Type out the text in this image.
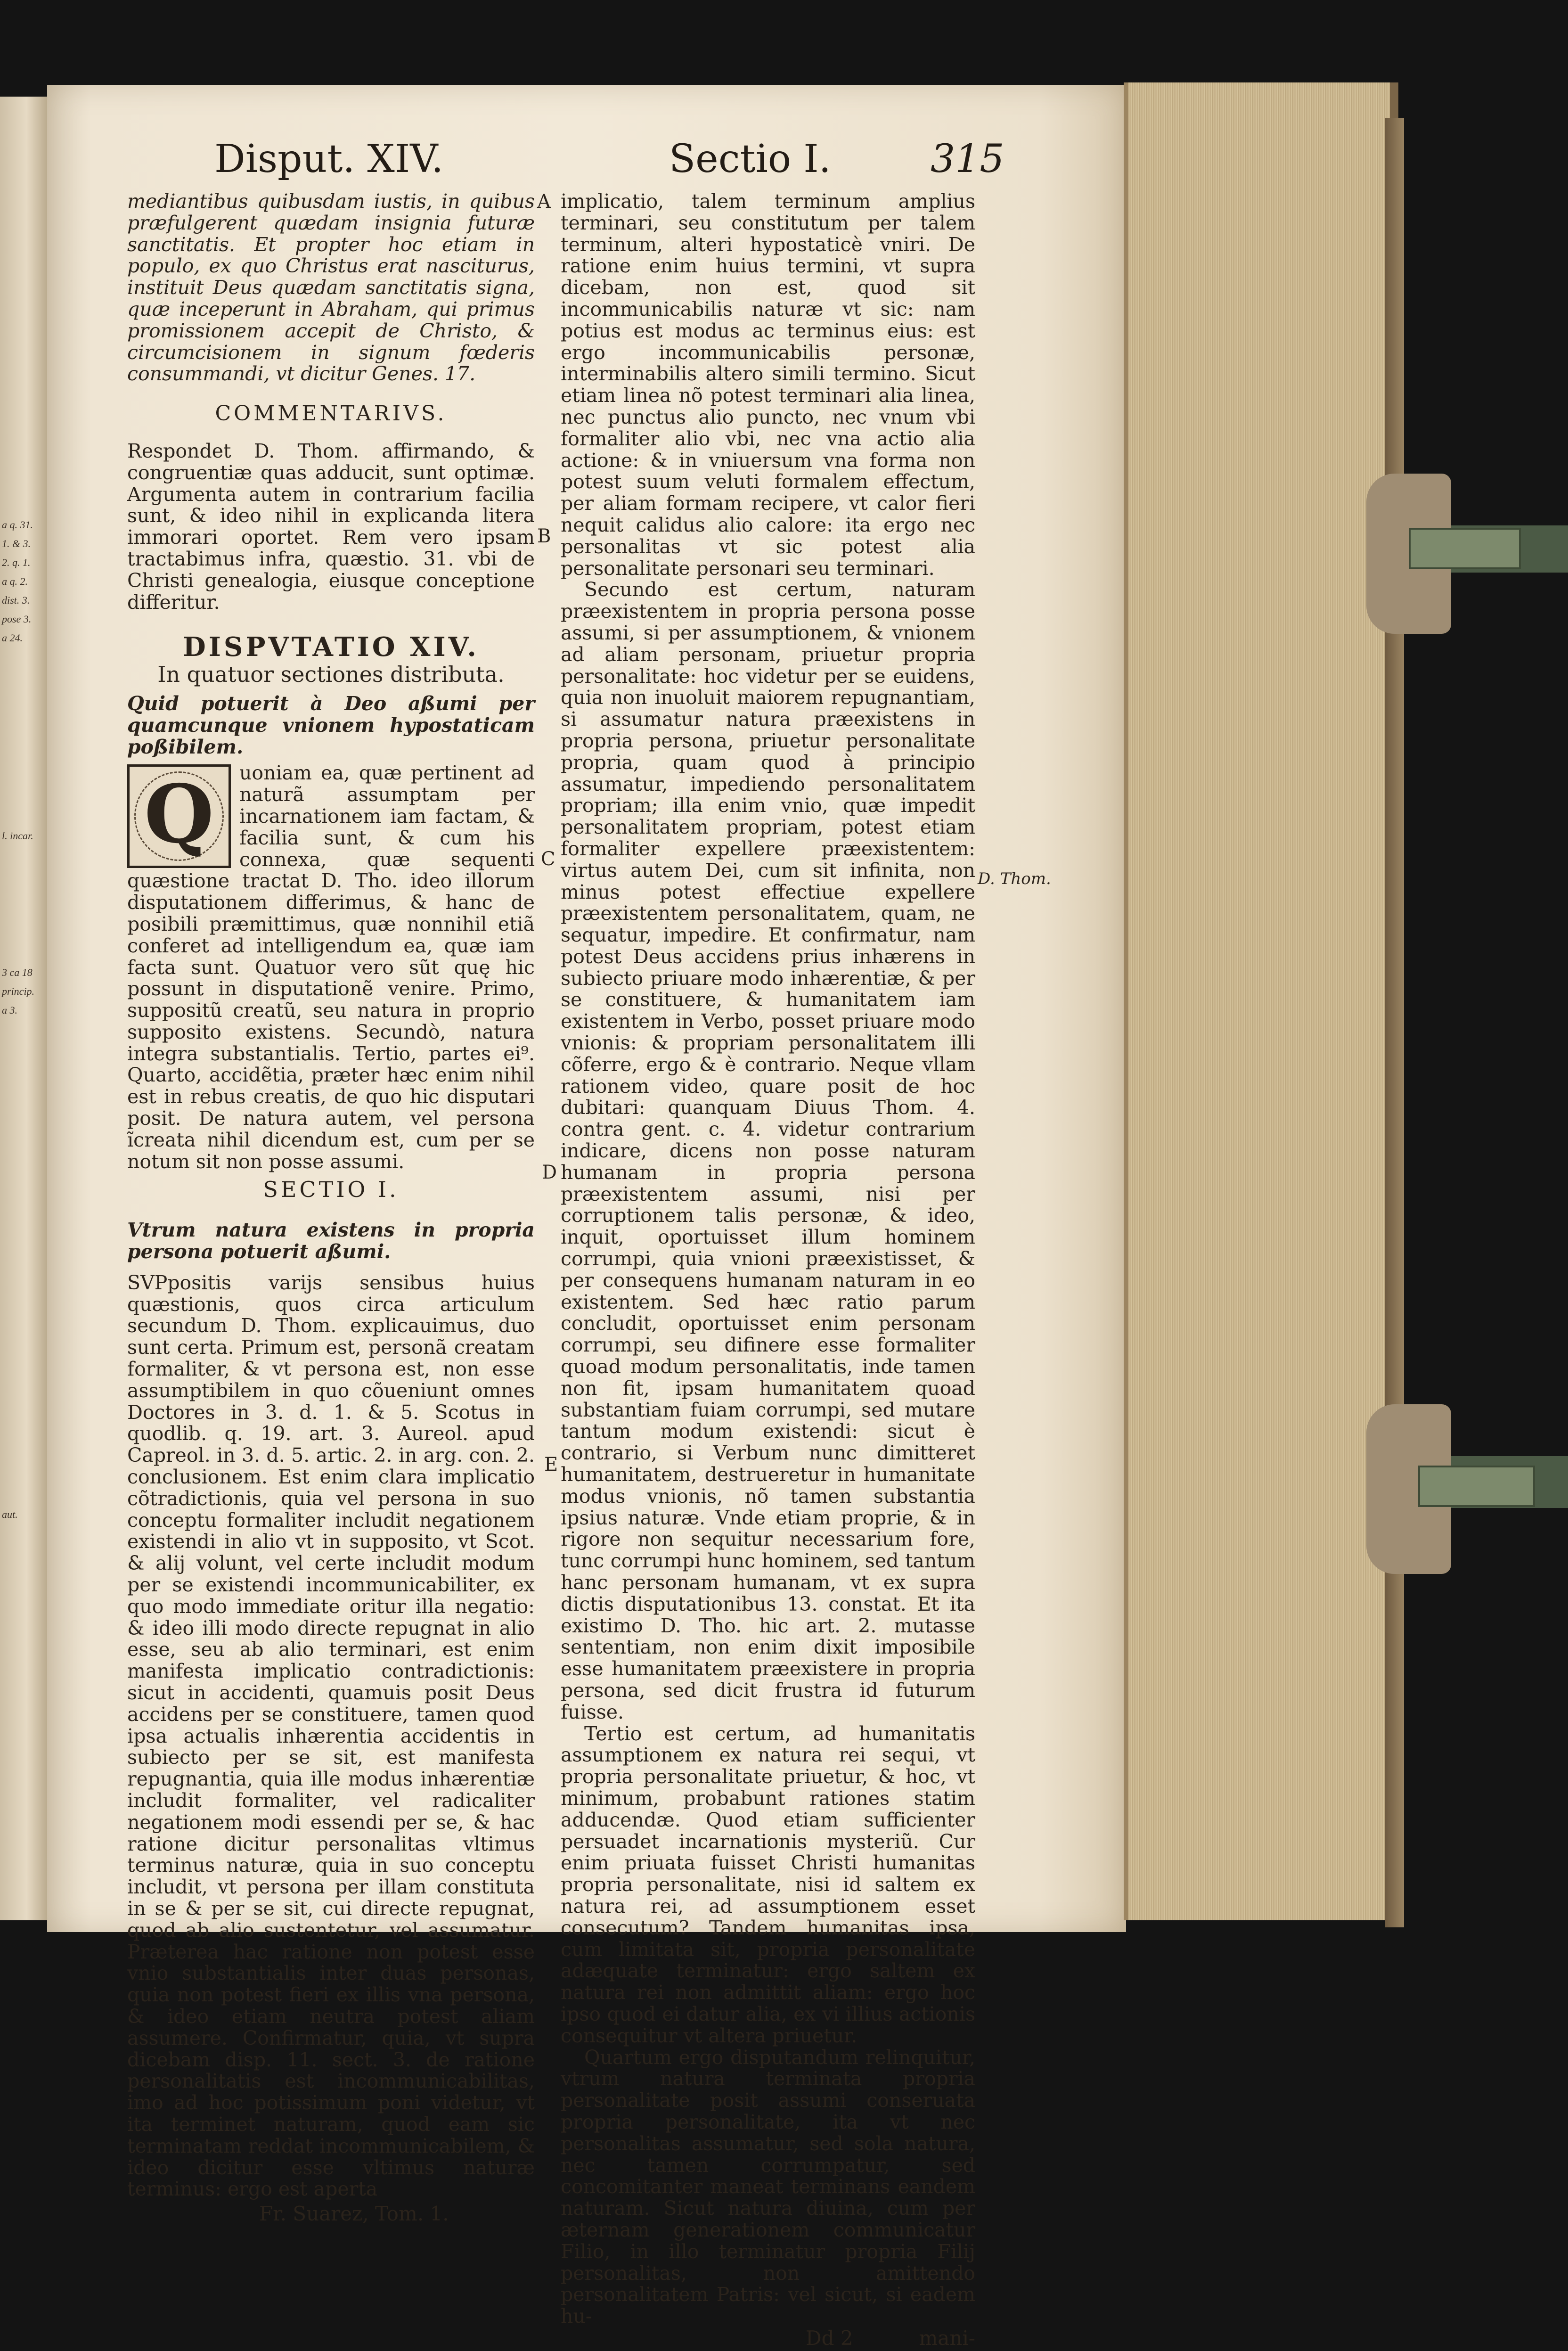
a q. 31.
1. & 3.
2. q. 1.
a q. 2.
dist. 3.
pose 3.
a 24.
l. incar.
3 ca 18
princip.
a 3.
aut.
Disput. XIV.	Sectio I.	315

mediantibus quibusdam iustis, in quibus præfulgerent quædam insignia futuræ sanctitatis. Et propter hoc etiam in populo, ex quo Christus erat nasciturus, instituit Deus quædam sanctitatis signa, quæ inceperunt in Abraham, qui primus promissionem accepit de Christo, & circumcisionem in signum fœderis consummandi, vt dicitur Genes. 17.

COMMENTARIVS.

Respondet D. Thom. affirmando, & congruentiæ quas adducit, sunt optimæ. Argumenta autem in contrarium facilia sunt, & ideo nihil in explicanda litera immorari oportet. Rem vero ipsam tractabimus infra, quæstio. 31. vbi de Christi genealogia, eiusque conceptione differitur.

DISPVTATIO XIV.
In quatuor sectiones distributa.

Quid potuerit à Deo aßumi per quamcunque vnionem hypostaticam poßibilem.

Q	uoniam ea, quæ pertinent ad naturã assumptam per incarnationem iam factam, & facilia sunt, & cum his connexa, quæ sequenti quæstione tractat D. Tho. ideo illorum disputationem differimus, & hanc de posibili præmittimus, quæ nonnihil etiã conferet ad intelligendum ea, quæ iam facta sunt. Quatuor vero sũt quę hic possunt in disputationẽ venire. Primo, suppositũ creatũ, seu natura in proprio supposito existens. Secundò, natura integra substantialis. Tertio, partes ei⁹. Quarto, accidẽtia, præter hæc enim nihil est in rebus creatis, de quo hic disputari posit. De natura autem, vel persona ĩcreata nihil dicendum est, cum per se notum sit non posse assumi.

SECTIO I.

Vtrum natura existens in propria persona potuerit aßumi.

SVPpositis varijs sensibus huius quæstionis, quos circa articulum secundum D. Thom. explicauimus, duo sunt certa. Primum est, personã creatam formaliter, & vt persona est, non esse assumptibilem in quo cõueniunt omnes Doctores in 3. d. 1. & 5. Scotus in quodlib. q. 19. art. 3. Aureol. apud Capreol. in 3. d. 5. artic. 2. in arg. con. 2. conclusionem. Est enim clara implicatio cõtradictionis, quia vel persona in suo conceptu formaliter includit negationem existendi in alio vt in supposito, vt Scot. & alij volunt, vel certe includit modum per se existendi incommunicabiliter, ex quo modo immediate oritur illa negatio: & ideo illi modo directe repugnat in alio esse, seu ab alio terminari, est enim manifesta implicatio contradictionis: sicut in accidenti, quamuis posit Deus accidens per se constituere, tamen quod ipsa actualis inhærentia accidentis in subiecto per se sit, est manifesta repugnantia, quia ille modus inhærentiæ includit formaliter, vel radicaliter negationem modi essendi per se, & hac ratione dicitur personalitas vltimus terminus naturæ, quia in suo conceptu includit, vt persona per illam constituta in se & per se sit, cui directe repugnat, quod ab alio sustentetur, vel assumatur. Præterea hac ratione non potest esse vnio substantialis inter duas personas, quia non potest fieri ex illis vna persona, & ideo etiam neutra potest aliam assumere. Confirmatur, quia, vt supra dicebam disp. 11. sect. 3. de ratione personalitatis est incommunicabilitas, imo ad hoc potissimum poni videtur, vt ita terminet naturam, quod eam sic terminatam reddat incommunicabilem, & ideo dicitur esse vltimus naturæ terminus: ergo est aperta

Fr. Suarez, Tom. 1.
A
B
C
D
E

implicatio, talem terminum amplius terminari, seu constitutum per talem terminum, alteri hypostaticè vniri. De ratione enim huius termini, vt supra dicebam, non est, quod sit incommunicabilis naturæ vt sic: nam potius est modus ac terminus eius: est ergo incommunicabilis personæ, interminabilis altero simili termino. Sicut etiam linea nõ potest terminari alia linea, nec punctus alio puncto, nec vnum vbi formaliter alio vbi, nec vna actio alia actione: & in vniuersum vna forma non potest suum veluti formalem effectum, per aliam formam recipere, vt calor fieri nequit calidus alio calore: ita ergo nec personalitas vt sic potest alia personalitate personari seu terminari.

Secundo est certum, naturam præexistentem in propria persona posse assumi, si per assumptionem, & vnionem ad aliam personam, priuetur propria personalitate: hoc videtur per se euidens, quia non inuoluit maiorem repugnantiam, si assumatur natura præexistens in propria persona, priuetur personalitate propria, quam quod à principio assumatur, impediendo personalitatem propriam; illa enim vnio, quæ impedit personalitatem propriam, potest etiam formaliter expellere præexistentem: virtus autem Dei, cum sit infinita, non minus potest effectiue expellere præexistentem personalitatem, quam, ne sequatur, impedire. Et confirmatur, nam potest Deus accidens prius inhærens in subiecto priuare modo inhærentiæ, & per se constituere, & humanitatem iam existentem in Verbo, posset priuare modo vnionis: & propriam personalitatem illi cõferre, ergo & è contrario. Neque vllam rationem video, quare posit de hoc dubitari: quanquam Diuus Thom. 4. contra gent. c. 4. videtur contrarium indicare, dicens non posse naturam humanam in propria persona præexistentem assumi, nisi per corruptionem talis personæ, & ideo, inquit, oportuisset illum hominem corrumpi, quia vnioni præexistisset, & per consequens humanam naturam in eo existentem. Sed hæc ratio parum concludit, oportuisset enim personam corrumpi, seu difinere esse formaliter quoad modum personalitatis, inde tamen non fit, ipsam humanitatem quoad substantiam fuiam corrumpi, sed mutare tantum modum existendi: sicut è contrario, si Verbum nunc dimitteret humanitatem, destrueretur in humanitate modus vnionis, nõ tamen substantia ipsius naturæ. Vnde etiam proprie, & in rigore non sequitur necessarium fore, tunc corrumpi hunc hominem, sed tantum hanc personam humanam, vt ex supra dictis disputationibus 13. constat. Et ita existimo D. Tho. hic art. 2. mutasse sententiam, non enim dixit imposibile esse humanitatem præexistere in propria persona, sed dicit frustra id futurum fuisse.

Tertio est certum, ad humanitatis assumptionem ex natura rei sequi, vt propria personalitate priuetur, & hoc, vt minimum, probabunt rationes statim adducendæ. Quod etiam sufficienter persuadet incarnationis mysteriũ. Cur enim priuata fuisset Christi humanitas propria personalitate, nisi id saltem ex natura rei, ad assumptionem esset consecutum? Tandem humanitas ipsa, cum limitata sit, propria personalitate adæquate terminatur: ergo saltem ex natura rei non admittit aliam: ergo hoc ipso quod ei datur alia, ex vi illius actionis consequitur vt altera priuetur.

Quartum ergo disputandum relinquitur, vtrum natura terminata propria personalitate posit assumi conseruata propria personalitate, ita vt nec personalitas assumatur, sed sola natura, nec tamen corrumpatur, sed concomitanter maneat terminans eandem naturam. Sicut natura diuina, cum per æternam generationem communicatur Filio, in illo terminatur propria Filij personalitas, non amittendo personalitatem Patris: vel sicut, si eadem hu-

Dd 2	mani-
D. Thom.
